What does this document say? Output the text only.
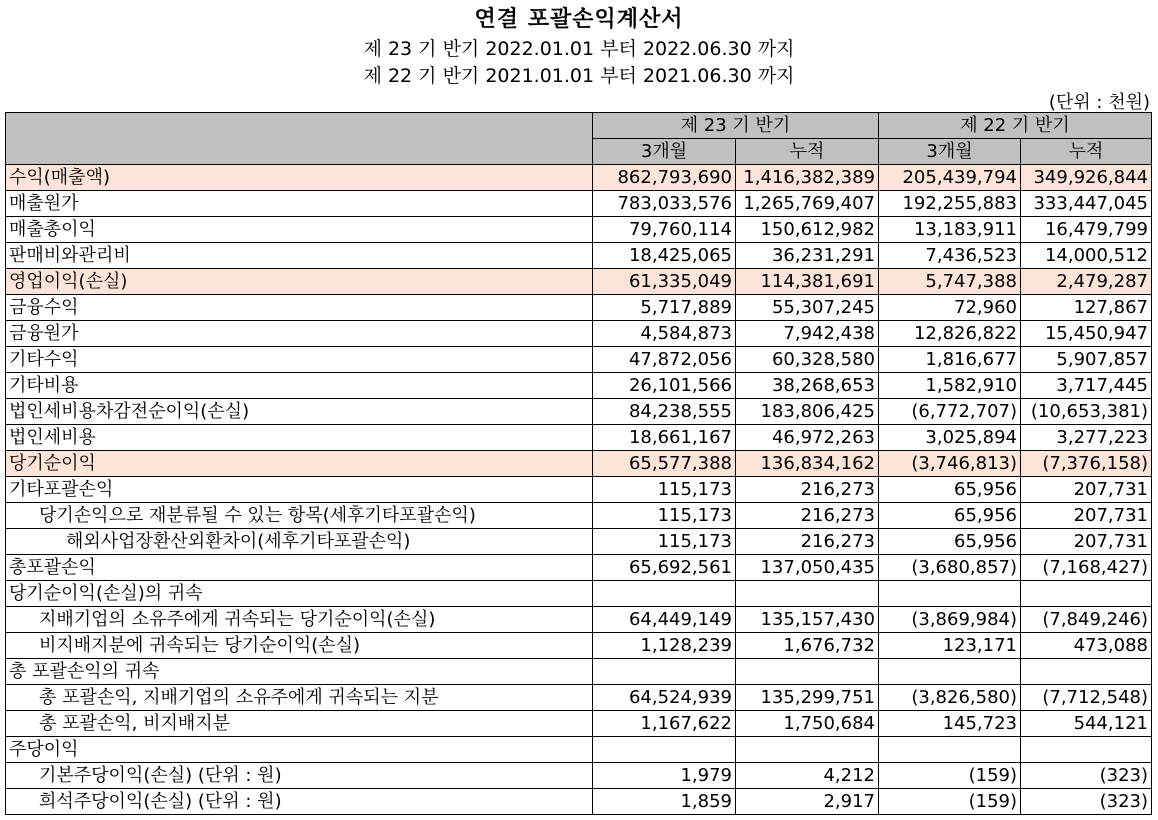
연결 포괄손익계산서
제 23 기 반기 2022.01.01 부터 2022.06.30 까지
제 22 기 반기 2021.01.01 부터 2021.06.30 까지
(단위 : 천원)
	제 23 기 반기		제 22 기 반기	
	3개월	누적	3개월	누적
수익(매출액)	862,793,690	1,416,382,389	205,439,794	349,926,844
매출원가	783,033,576	1,265,769,407	192,255,883	333,447,045
매출총이익	79,760,114	150,612,982	13,183,911	16,479,799
판매비와관리비	18,425,065	36,231,291	7,436,523	14,000,512
영업이익(손실)	61,335,049	114,381,691	5,747,388	2,479,287
금융수익	5,717,889	55,307,245	72,960	127,867
금융원가	4,584,873	7,942,438	12,826,822	15,450,947
기타수익	47,872,056	60,328,580	1,816,677	5,907,857
기타비용	26,101,566	38,268,653	1,582,910	3,717,445
법인세비용차감전순이익(손실)	84,238,555	183,806,425	(6,772,707)	(10,653,381)
법인세비용	18,661,167	46,972,263	3,025,894	3,277,223
당기순이익	65,577,388	136,834,162	(3,746,813)	(7,376,158)
기타포괄손익	115,173	216,273	65,956	207,731
당기손익으로 재분류될 수 있는 항목(세후기타포괄손익)	115,173	216,273	65,956	207,731
해외사업장환산외환차이(세후기타포괄손익)	115,173	216,273	65,956	207,731
총포괄손익	65,692,561	137,050,435	(3,680,857)	(7,168,427)
당기순이익(손실)의 귀속				
지배기업의 소유주에게 귀속되는 당기순이익(손실)	64,449,149	135,157,430	(3,869,984)	(7,849,246)
비지배지분에 귀속되는 당기순이익(손실)	1,128,239	1,676,732	123,171	473,088
총 포괄손익의 귀속				
총 포괄손익, 지배기업의 소유주에게 귀속되는 지분	64,524,939	135,299,751	(3,826,580)	(7,712,548)
총 포괄손익, 비지배지분	1,167,622	1,750,684	145,723	544,121
주당이익				
기본주당이익(손실) (단위 : 원)	1,979	4,212	(159)	(323)
희석주당이익(손실) (단위 : 원)	1,859	2,917	(159)	(323)
